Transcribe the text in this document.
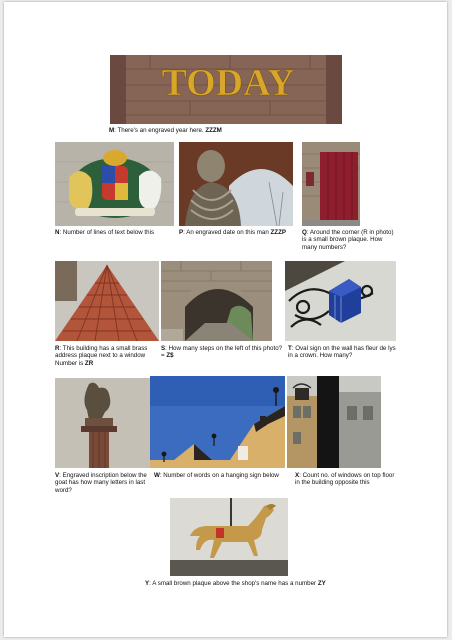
TODAY
M: There's an engraved year here. ZZZM
N: Number of lines of text below this	P: An engraved date on this man ZZZP	Q: Around the corner (R in photo) is a small brown plaque. How many numbers?
R: This building has a small brass address plaque next to a window Number is ZR
S: How many steps on the left of this photo? = Z$
T: Oval sign on the wall has fleur de lys in a crown. How many?
V: Engraved inscription below the goat has how many letters in last word?
W: Number of words on a hanging sign below	X: Count no. of windows on top floor in the building opposite this
Y: A small brown plaque above the shop's name has a number ZY
